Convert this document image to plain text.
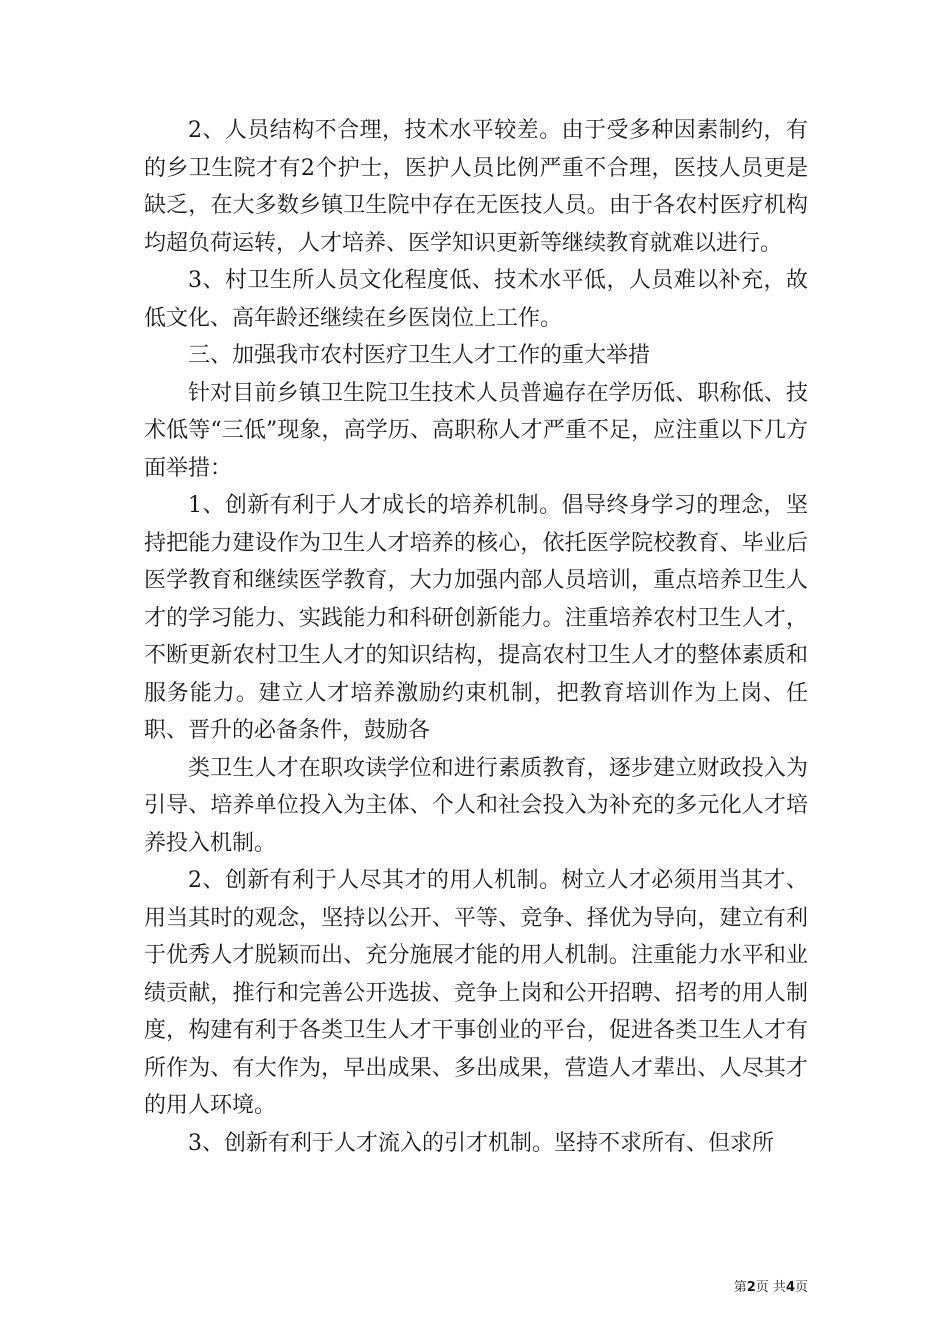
2、人员结构不合理，技术水平较差。由于受多种因素制约，有的乡卫生院才有2个护士，医护人员比例严重不合理，医技人员更是缺乏，在大多数乡镇卫生院中存在无医技人员。由于各农村医疗机构均超负荷运转，人才培养、医学知识更新等继续教育就难以进行。

3、村卫生所人员文化程度低、技术水平低，人员难以补充，故低文化、高年龄还继续在乡医岗位上工作。

三、加强我市农村医疗卫生人才工作的重大举措

针对目前乡镇卫生院卫生技术人员普遍存在学历低、职称低、技术低等“三低”现象，高学历、高职称人才严重不足，应注重以下几方面举措：

1、创新有利于人才成长的培养机制。倡导终身学习的理念，坚持把能力建设作为卫生人才培养的核心，依托医学院校教育、毕业后医学教育和继续医学教育，大力加强内部人员培训，重点培养卫生人才的学习能力、实践能力和科研创新能力。注重培养农村卫生人才，不断更新农村卫生人才的知识结构，提高农村卫生人才的整体素质和服务能力。建立人才培养激励约束机制，把教育培训作为上岗、任职、晋升的必备条件，鼓励各

类卫生人才在职攻读学位和进行素质教育，逐步建立财政投入为引导、培养单位投入为主体、个人和社会投入为补充的多元化人才培养投入机制。

2、创新有利于人尽其才的用人机制。树立人才必须用当其才、用当其时的观念，坚持以公开、平等、竞争、择优为导向，建立有利于优秀人才脱颖而出、充分施展才能的用人机制。注重能力水平和业绩贡献，推行和完善公开选拔、竞争上岗和公开招聘、招考的用人制度，构建有利于各类卫生人才干事创业的平台，促进各类卫生人才有所作为、有大作为，早出成果、多出成果，营造人才辈出、人尽其才的用人环境。

3、创新有利于人才流入的引才机制。坚持不求所有、但求所

第2页 共4页
